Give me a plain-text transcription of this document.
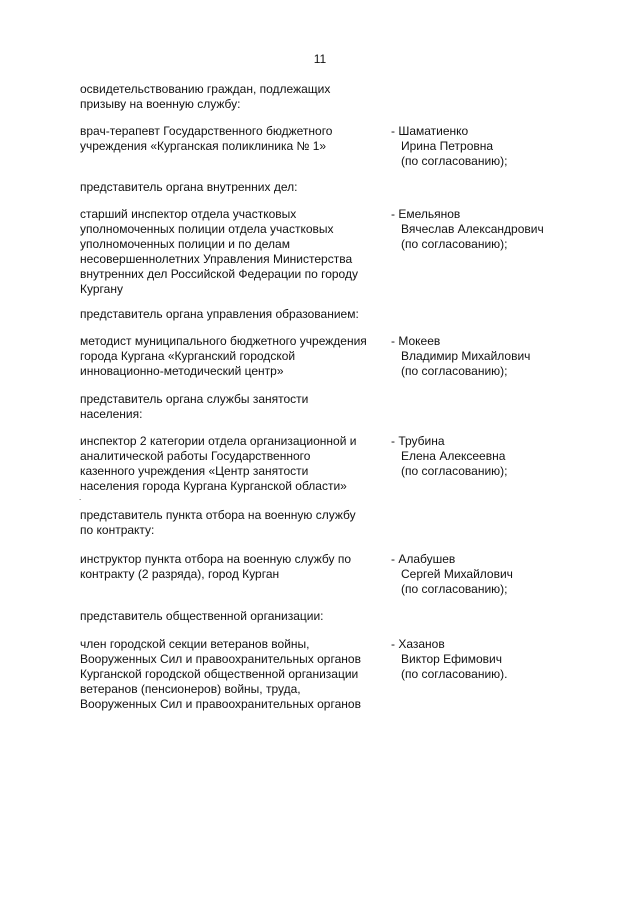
11
освидетельствованию граждан, подлежащих
призыву на военную службу:
врач-терапевт Государственного бюджетного
учреждения «Курганская поликлиника № 1»
- Шаматиенко
Ирина Петровна
(по согласованию);
представитель органа внутренних дел:
старший инспектор отдела участковых
уполномоченных полиции отдела участковых
уполномоченных полиции и по делам
несовершеннолетних Управления Министерства
внутренних дел Российской Федерации по городу
Кургану
- Емельянов
Вячеслав Александрович
(по согласованию);
представитель органа управления образованием:
методист муниципального бюджетного учреждения
города Кургана «Курганский городской
инновационно-методический центр»
- Мокеев
Владимир Михайлович
(по согласованию);
представитель органа службы занятости
населения:
инспектор 2 категории отдела организационной и
аналитической работы Государственного
казенного учреждения «Центр занятости
населения города Кургана Курганской области»
- Трубина
Елена Алексеевна
(по согласованию);
.
представитель пункта отбора на военную службу
по контракту:
инструктор пункта отбора на военную службу по
контракту (2 разряда), город Курган
- Алабушев
Сергей Михайлович
(по согласованию);
представитель общественной организации:
член городской секции ветеранов войны,
Вооруженных Сил и правоохранительных органов
Курганской городской общественной организации
ветеранов (пенсионеров) войны, труда,
Вооруженных Сил и правоохранительных органов
- Хазанов
Виктор Ефимович
(по согласованию).
